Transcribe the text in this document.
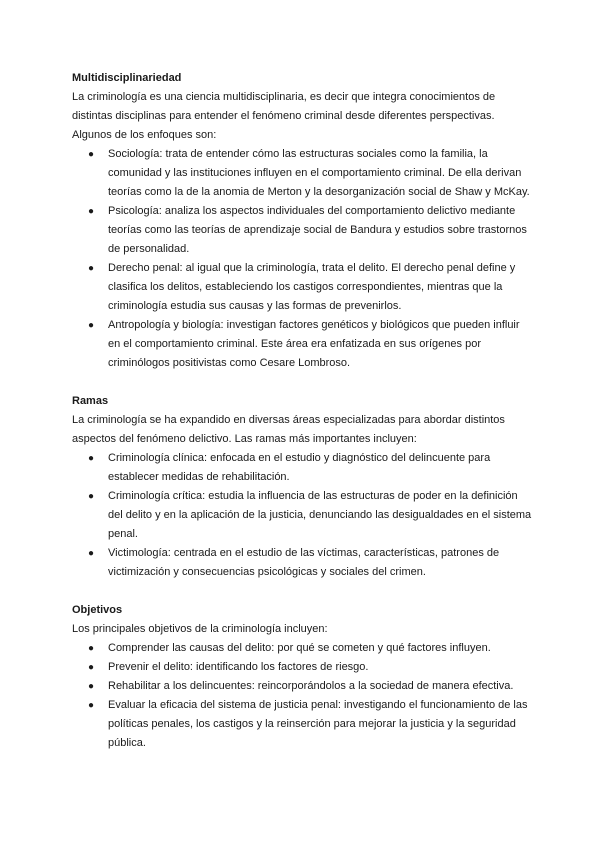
Multidisciplinariedad

La criminología es una ciencia multidisciplinaria, es decir que integra conocimientos de distintas disciplinas para entender el fenómeno criminal desde diferentes perspectivas. Algunos de los enfoques son:

● Sociología: trata de entender cómo las estructuras sociales como la familia, la comunidad y las instituciones influyen en el comportamiento criminal. De ella derivan teorías como la de la anomia de Merton y la desorganización social de Shaw y McKay.
● Psicología: analiza los aspectos individuales del comportamiento delictivo mediante teorías como las teorías de aprendizaje social de Bandura y estudios sobre trastornos de personalidad.
● Derecho penal: al igual que la criminología, trata el delito. El derecho penal define y clasifica los delitos, estableciendo los castigos correspondientes, mientras que la criminología estudia sus causas y las formas de prevenirlos.
● Antropología y biología: investigan factores genéticos y biológicos que pueden influir en el comportamiento criminal. Este área era enfatizada en sus orígenes por criminólogos positivistas como Cesare Lombroso.

Ramas

La criminología se ha expandido en diversas áreas especializadas para abordar distintos aspectos del fenómeno delictivo. Las ramas más importantes incluyen:

● Criminología clínica: enfocada en el estudio y diagnóstico del delincuente para establecer medidas de rehabilitación.
● Criminología crítica: estudia la influencia de las estructuras de poder en la definición del delito y en la aplicación de la justicia, denunciando las desigualdades en el sistema penal.
● Victimología: centrada en el estudio de las víctimas, características, patrones de victimización y consecuencias psicológicas y sociales del crimen.

Objetivos

Los principales objetivos de la criminología incluyen:

● Comprender las causas del delito: por qué se cometen y qué factores influyen.
● Prevenir el delito: identificando los factores de riesgo.
● Rehabilitar a los delincuentes: reincorporándolos a la sociedad de manera efectiva.
● Evaluar la eficacia del sistema de justicia penal: investigando el funcionamiento de las políticas penales, los castigos y la reinserción para mejorar la justicia y la seguridad pública.
